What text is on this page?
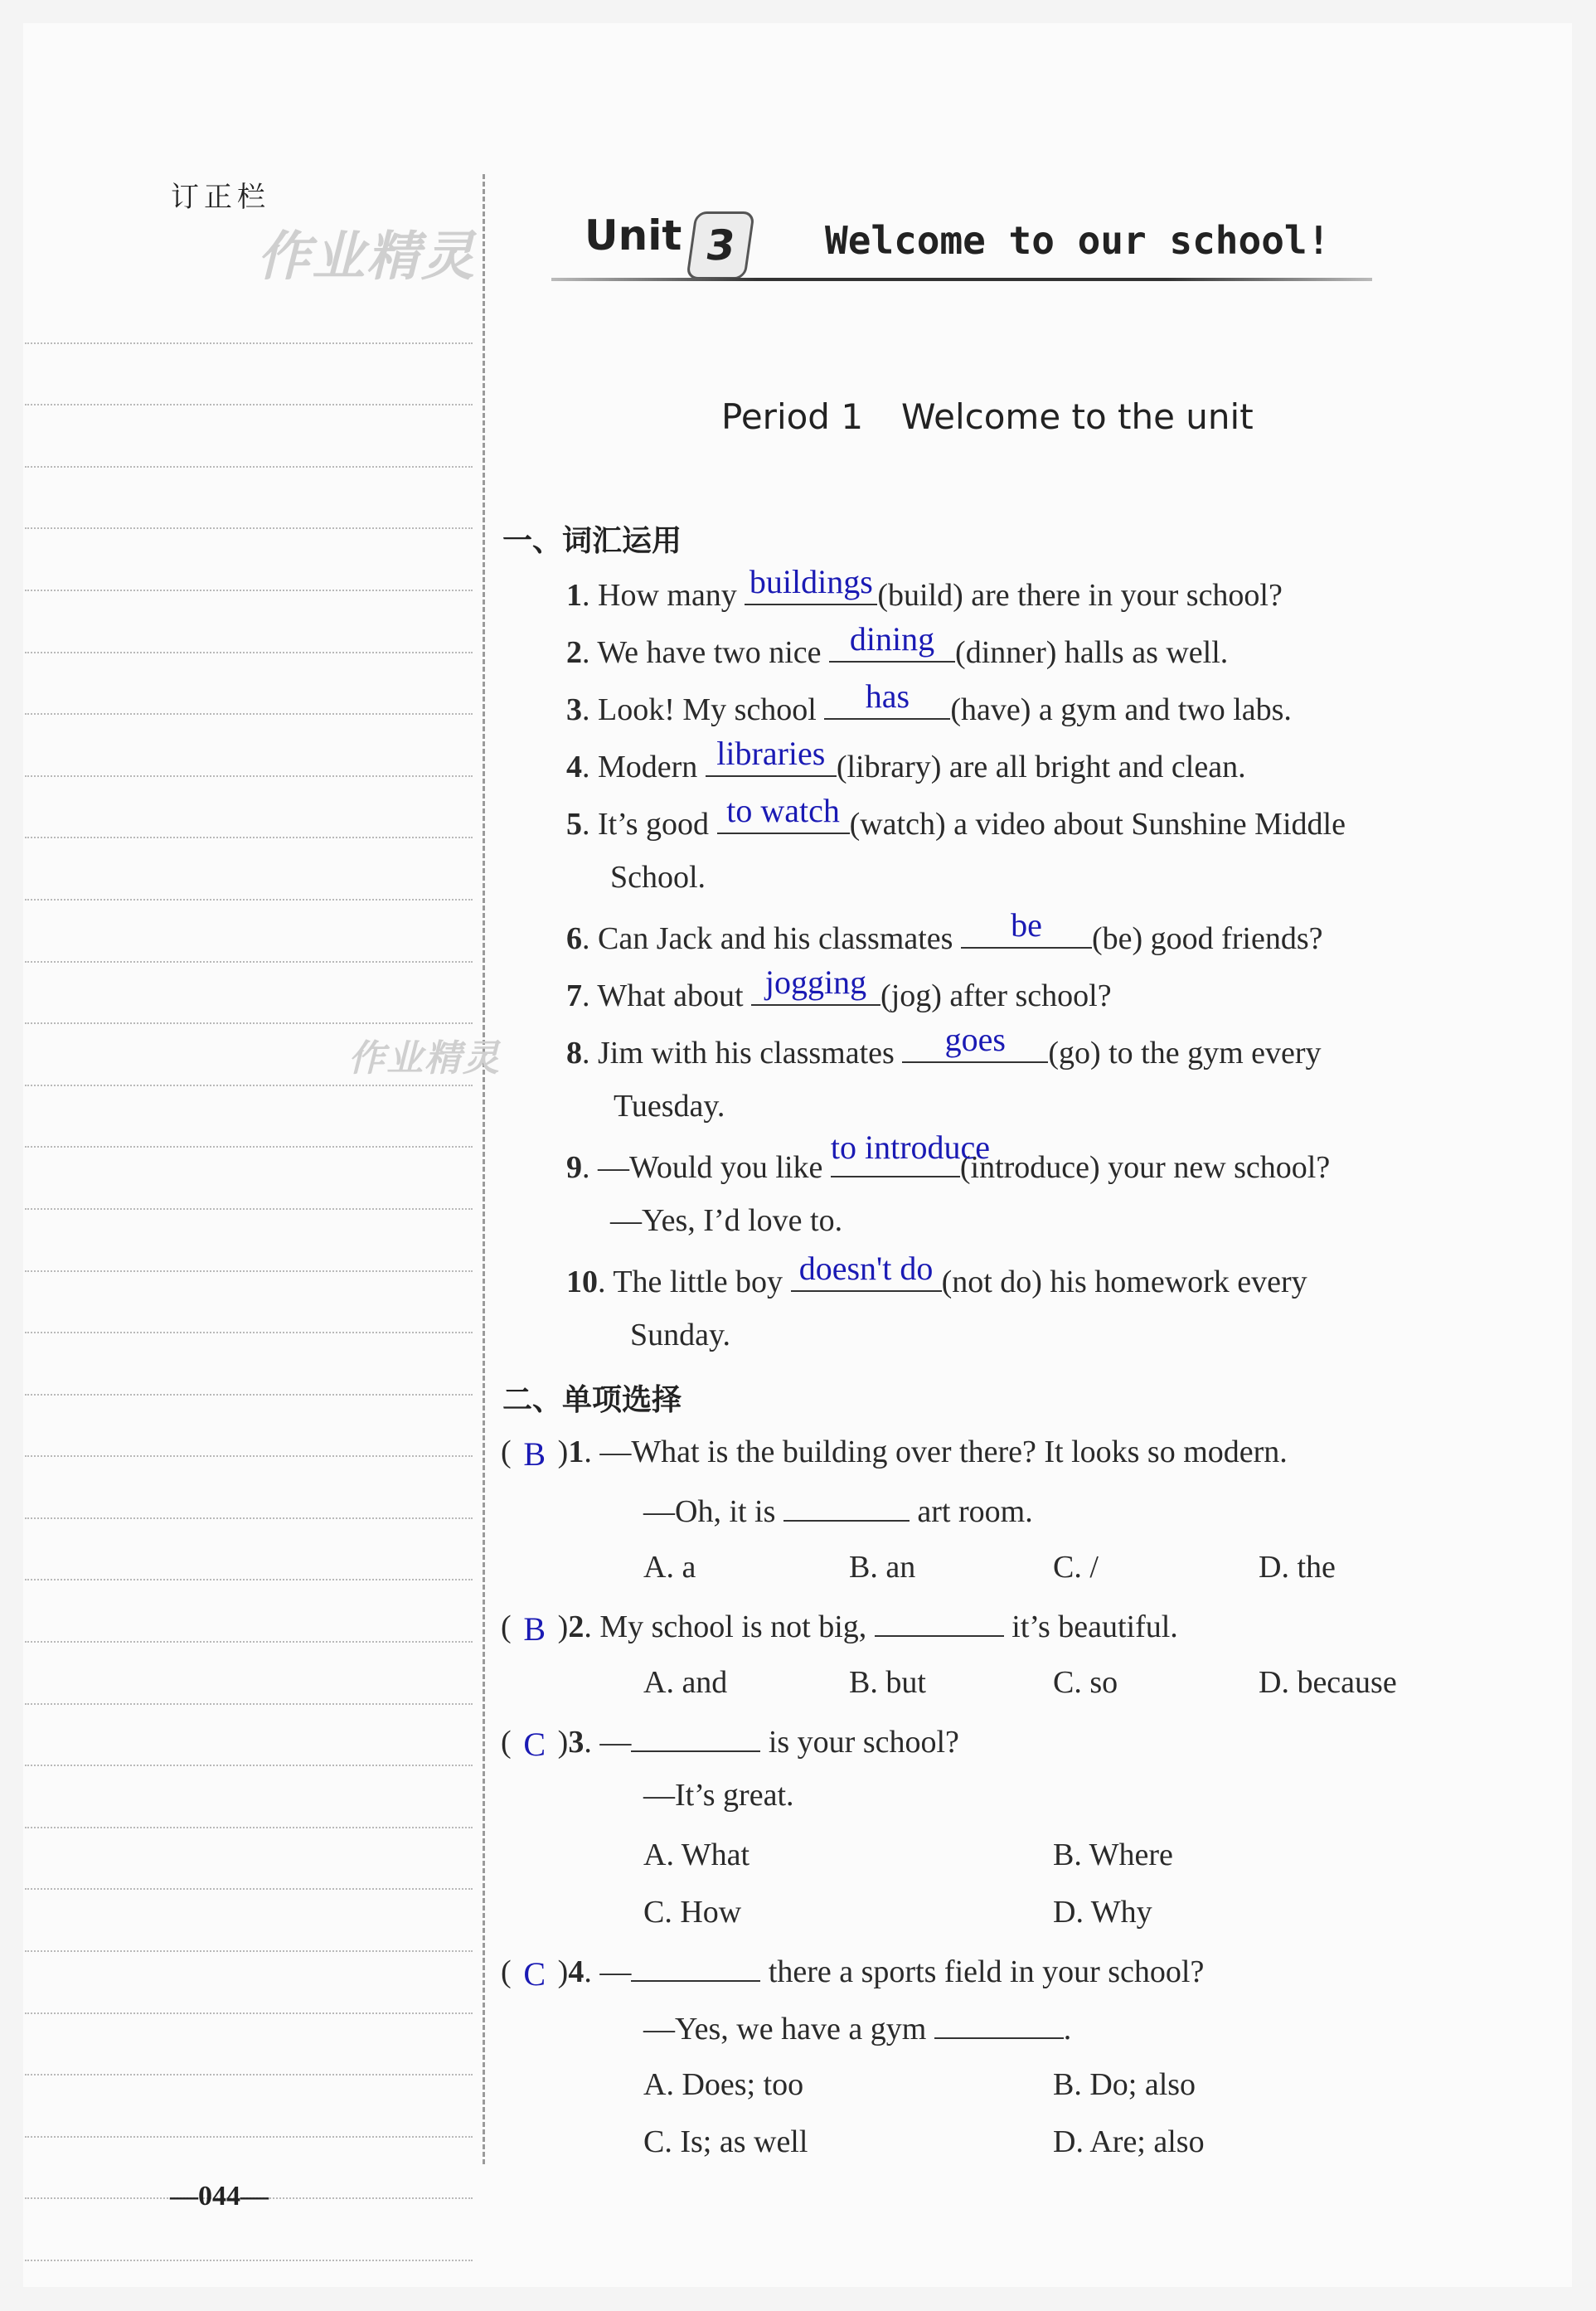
订正栏
作业精灵
作业精灵
Unit 3 Welcome to our school!
Period 1 Welcome to the unit
一、词汇运用
1. How many buildings (build) are there in your school?
2. We have two nice dining (dinner) halls as well.
3. Look! My school	has	(have) a gym and two labs.
4. Modern libraries (library) are all bright and clean.
5. It’s good to watch (watch) a video about Sunshine Middle
School.
6. Can Jack and his classmates	be	(be) good friends?
7. What about jogging (jog) after school?
8. Jim with his classmates	goes	(go) to the gym every
Tuesday.
9. —Would you like
to introduce
(introduce) your new school?
—Yes, I’d love to.
10. The little boy doesn't do (not do) his homework every
Sunday.
二、单项选择
( B )1. —What is the building over there? It looks so modern.
—Oh, it is	art room.
A. a	B. an	C. /	D. the
( B )2. My school is not big,	it’s beautiful.
A. and	B. but	C. so	D. because
( C )3. —	is your school?
—It’s great.
A. What	B. Where
C. How	D. Why
( C )4. —	there a sports field in your school?
—Yes, we have a gym	.
A. Does; too	B. Do; also
C. Is; as well	D. Are; also
—044—
